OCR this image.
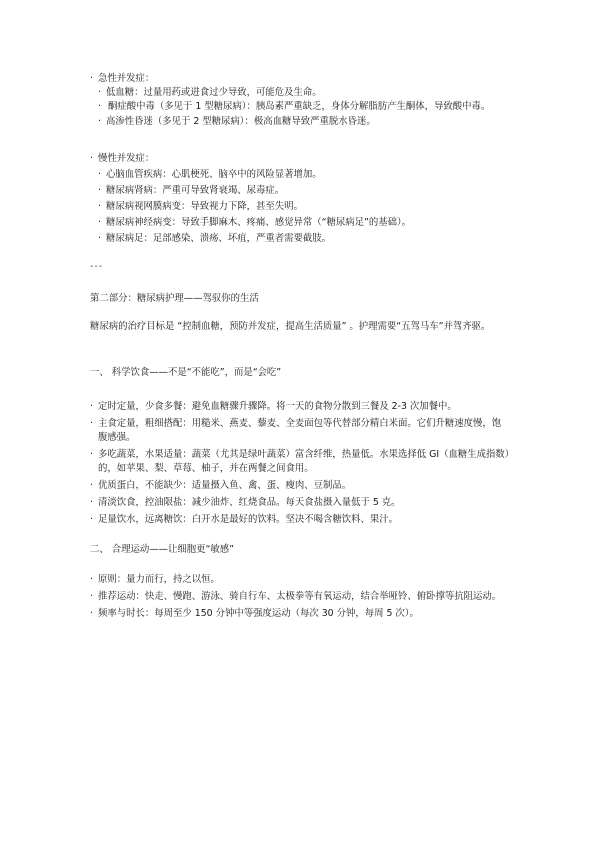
· 急性并发症：
· 低血糖：过量用药或进食过少导致，可能危及生命。
· 酮症酸中毒（多见于 1 型糖尿病）：胰岛素严重缺乏，身体分解脂肪产生酮体，导致酸中毒。
· 高渗性昏迷（多见于 2 型糖尿病）：极高血糖导致严重脱水昏迷。
· 慢性并发症：
· 心脑血管疾病：心肌梗死、脑卒中的风险显著增加。
· 糖尿病肾病：严重可导致肾衰竭、尿毒症。
· 糖尿病视网膜病变：导致视力下降，甚至失明。
· 糖尿病神经病变：导致手脚麻木、疼痛、感觉异常（“糖尿病足”的基础）。
· 糖尿病足：足部感染、溃疡、坏疽，严重者需要截肢。
---
第二部分：糖尿病护理——驾驭你的生活
糖尿病的治疗目标是 “控制血糖，预防并发症，提高生活质量” 。护理需要“五驾马车”并驾齐驱。
一、 科学饮食——不是“不能吃”，而是“会吃”
· 定时定量，少食多餐：避免血糖骤升骤降。将一天的食物分散到三餐及 2-3 次加餐中。
· 主食定量，粗细搭配：用糙米、燕麦、藜麦、全麦面包等代替部分精白米面。它们升糖速度慢，饱腹感强。
· 多吃蔬菜，水果适量：蔬菜（尤其是绿叶蔬菜）富含纤维，热量低。水果选择低 GI（血糖生成指数）的，如苹果、梨、草莓、柚子，并在两餐之间食用。
· 优质蛋白，不能缺少：适量摄入鱼、禽、蛋、瘦肉、豆制品。
· 清淡饮食，控油限盐：减少油炸、红烧食品。每天食盐摄入量低于 5 克。
· 足量饮水，远离糖饮：白开水是最好的饮料。坚决不喝含糖饮料、果汁。
二、 合理运动——让细胞更“敏感”
· 原则：量力而行，持之以恒。
· 推荐运动：快走、慢跑、游泳、骑自行车、太极拳等有氧运动，结合举哑铃、俯卧撑等抗阻运动。
· 频率与时长：每周至少 150 分钟中等强度运动（每次 30 分钟，每周 5 次）。
